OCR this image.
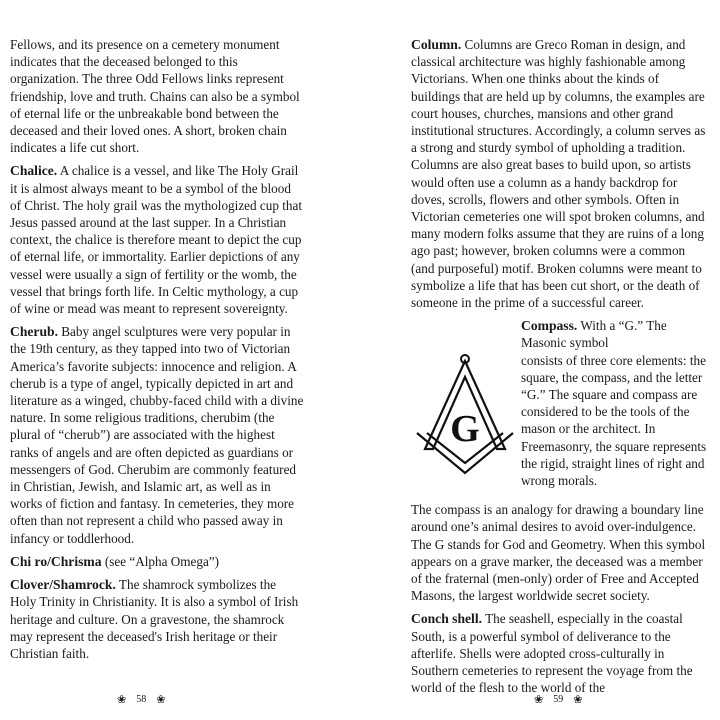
Fellows, and its presence on a cemetery monument indicates that the deceased belonged to this organization. The three Odd Fellows links represent friendship, love and truth. Chains can also be a symbol of eternal life or the unbreakable bond between the deceased and their loved ones. A short, broken chain indicates a life cut short.

Chalice. A chalice is a vessel, and like The Holy Grail it is almost always meant to be a symbol of the blood of Christ. The holy grail was the mythologized cup that Jesus passed around at the last supper. In a Christian context, the chalice is therefore meant to depict the cup of eternal life, or immortality. Earlier depictions of any vessel were usually a sign of fertility or the womb, the vessel that brings forth life. In Celtic mythology, a cup of wine or mead was meant to represent sovereignty.

Cherub. Baby angel sculptures were very popular in the 19th century, as they tapped into two of Victorian America’s favorite subjects: innocence and religion. A cherub is a type of angel, typically depicted in art and literature as a winged, chubby-faced child with a divine nature. In some religious traditions, cherubim (the plural of “cherub”) are associated with the highest ranks of angels and are often depicted as guardians or messengers of God. Cherubim are commonly featured in Christian, Jewish, and Islamic art, as well as in works of fiction and fantasy. In cemeteries, they more often than not represent a child who passed away in infancy or toddlerhood.

Chi ro/Chrisma (see “Alpha Omega”)

Clover/Shamrock. The shamrock symbolizes the Holy Trinity in Christianity. It is also a symbol of Irish heritage and culture. On a gravestone, the shamrock may represent the deceased's Irish heritage or their Christian faith.

❀ 58 ❀

Column. Columns are Greco Roman in design, and classical architecture was highly fashionable among Victorians. When one thinks about the kinds of buildings that are held up by columns, the examples are court houses, churches, mansions and other grand institutional structures. Accordingly, a column serves as a strong and sturdy symbol of upholding a tradition. Columns are also great bases to build upon, so artists would often use a column as a handy backdrop for doves, scrolls, flowers and other symbols. Often in Victorian cemeteries one will spot broken columns, and many modern folks assume that they are ruins of a long ago past; however, broken columns were a common (and purposeful) motif. Broken columns were meant to symbolize a life that has been cut short, or the death of someone in the prime of a successful career.

G

Compass. With a “G.” The Masonic symbol

consists of three core elements: the square, the compass, and the letter “G.” The square and compass are considered to be the tools of the mason or the architect. In Freemasonry, the square represents the rigid, straight lines of right and wrong morals.

The compass is an analogy for drawing a boundary line around one’s animal desires to avoid over-indulgence. The G stands for God and Geometry. When this symbol appears on a grave marker, the deceased was a member of the fraternal (men-only) order of Free and Accepted Masons, the largest worldwide secret society.

Conch shell. The seashell, especially in the coastal South, is a powerful symbol of deliverance to the afterlife. Shells were adopted cross-culturally in Southern cemeteries to represent the voyage from the world of the flesh to the world of the

❀ 59 ❀
